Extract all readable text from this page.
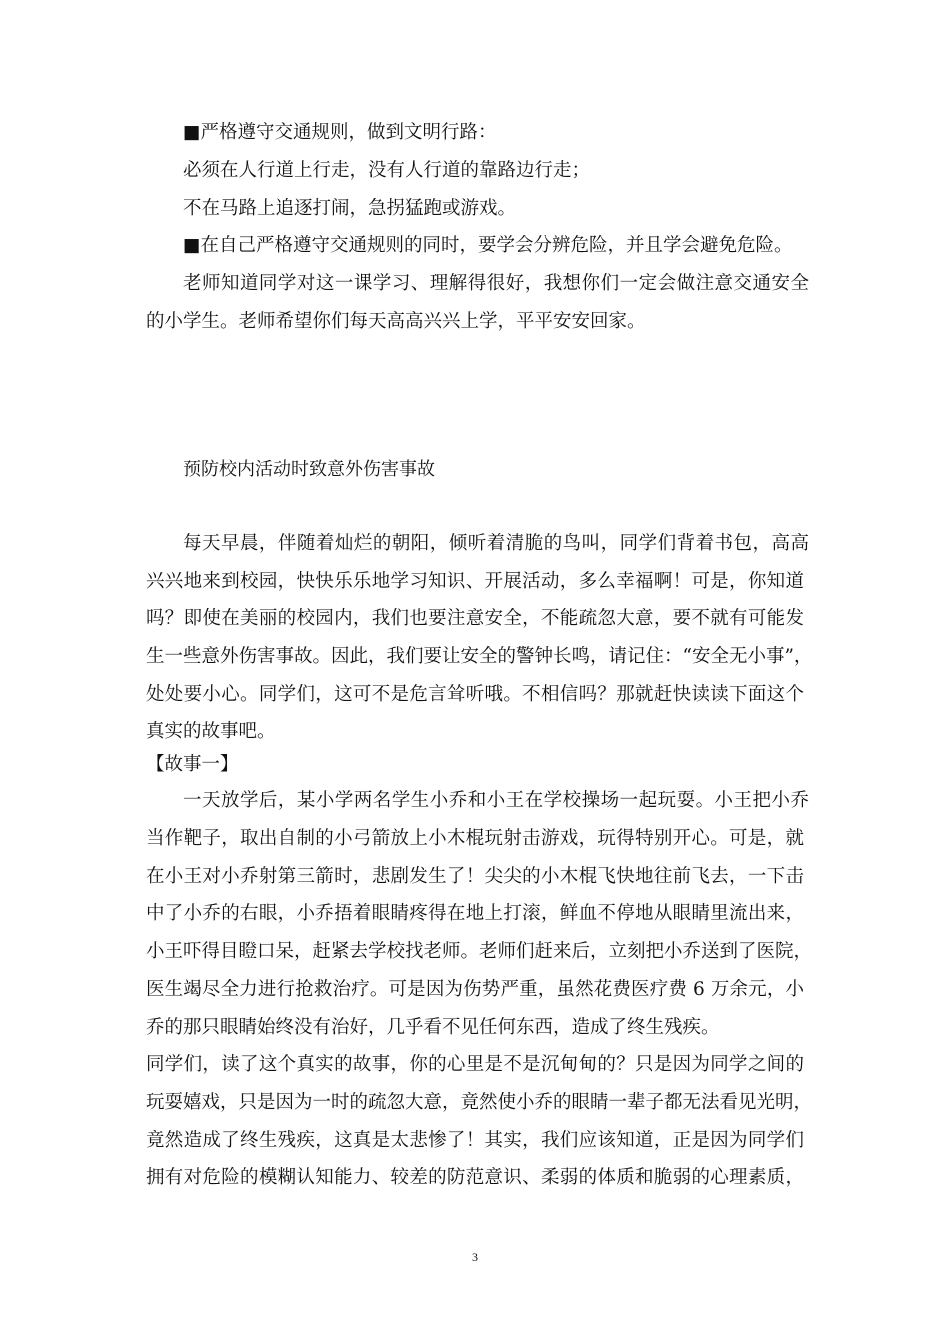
■严格遵守交通规则，做到文明行路：
必须在人行道上行走，没有人行道的靠路边行走；
不在马路上追逐打闹，急拐猛跑或游戏。
■在自己严格遵守交通规则的同时，要学会分辨危险，并且学会避免危险。
老师知道同学对这一课学习、理解得很好，我想你们一定会做注意交通安全
的小学生。老师希望你们每天高高兴兴上学，平平安安回家。
预防校内活动时致意外伤害事故
每天早晨，伴随着灿烂的朝阳，倾听着清脆的鸟叫，同学们背着书包，高高
兴兴地来到校园，快快乐乐地学习知识、开展活动，多么幸福啊！可是，你知道
吗？即使在美丽的校园内，我们也要注意安全，不能疏忽大意，要不就有可能发
生一些意外伤害事故。因此，我们要让安全的警钟长鸣，请记住：“安全无小事”，
处处要小心。同学们，这可不是危言耸听哦。不相信吗？那就赶快读读下面这个
真实的故事吧。
【故事一】
一天放学后，某小学两名学生小乔和小王在学校操场一起玩耍。小王把小乔
当作靶子，取出自制的小弓箭放上小木棍玩射击游戏，玩得特别开心。可是，就
在小王对小乔射第三箭时，悲剧发生了！尖尖的小木棍飞快地往前飞去，一下击
中了小乔的右眼，小乔捂着眼睛疼得在地上打滚，鲜血不停地从眼睛里流出来，
小王吓得目瞪口呆，赶紧去学校找老师。老师们赶来后，立刻把小乔送到了医院，
医生竭尽全力进行抢救治疗。可是因为伤势严重，虽然花费医疗费 6 万余元，小
乔的那只眼睛始终没有治好，几乎看不见任何东西，造成了终生残疾。
同学们，读了这个真实的故事，你的心里是不是沉甸甸的？只是因为同学之间的
玩耍嬉戏，只是因为一时的疏忽大意，竟然使小乔的眼睛一辈子都无法看见光明，
竟然造成了终生残疾，这真是太悲惨了！其实，我们应该知道，正是因为同学们
拥有对危险的模糊认知能力、较差的防范意识、柔弱的体质和脆弱的心理素质，
3
